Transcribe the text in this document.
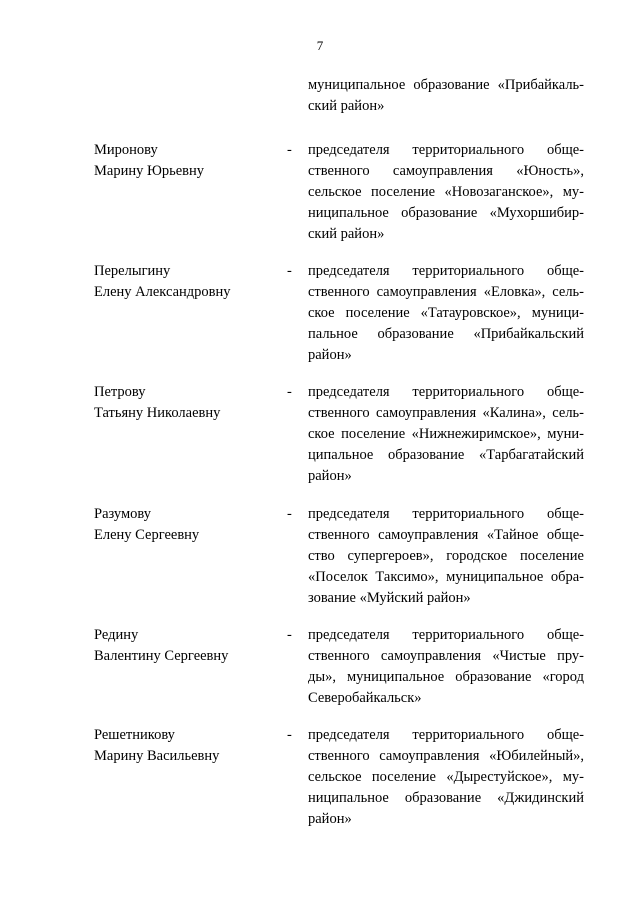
7
муниципальное образование «Прибайкаль-
ский район»
Миронову
Марину Юрьевну
-	председателя территориального обще-
ственного самоуправления «Юность»,
сельское поселение «Новозаганское», му-
ниципальное образование «Мухоршибир-
ский район»
Перелыгину
Елену Александровну
-	председателя территориального обще-
ственного самоуправления «Еловка», сель-
ское поселение «Татауровское», муници-
пальное образование «Прибайкальский
район»
Петрову
Татьяну Николаевну
-	председателя территориального обще-
ственного самоуправления «Калина», сель-
ское поселение «Нижнежиримское», муни-
ципальное образование «Тарбагатайский
район»
Разумову
Елену Сергеевну
-	председателя территориального обще-
ственного самоуправления «Тайное обще-
ство супергероев», городское поселение
«Поселок Таксимо», муниципальное обра-
зование «Муйский район»
Редину
Валентину Сергеевну
-	председателя территориального обще-
ственного самоуправления «Чистые пру-
ды», муниципальное образование «город
Северобайкальск»
Решетникову
Марину Васильевну
-	председателя территориального обще-
ственного самоуправления «Юбилейный»,
сельское поселение «Дырестуйское», му-
ниципальное образование «Джидинский
район»
